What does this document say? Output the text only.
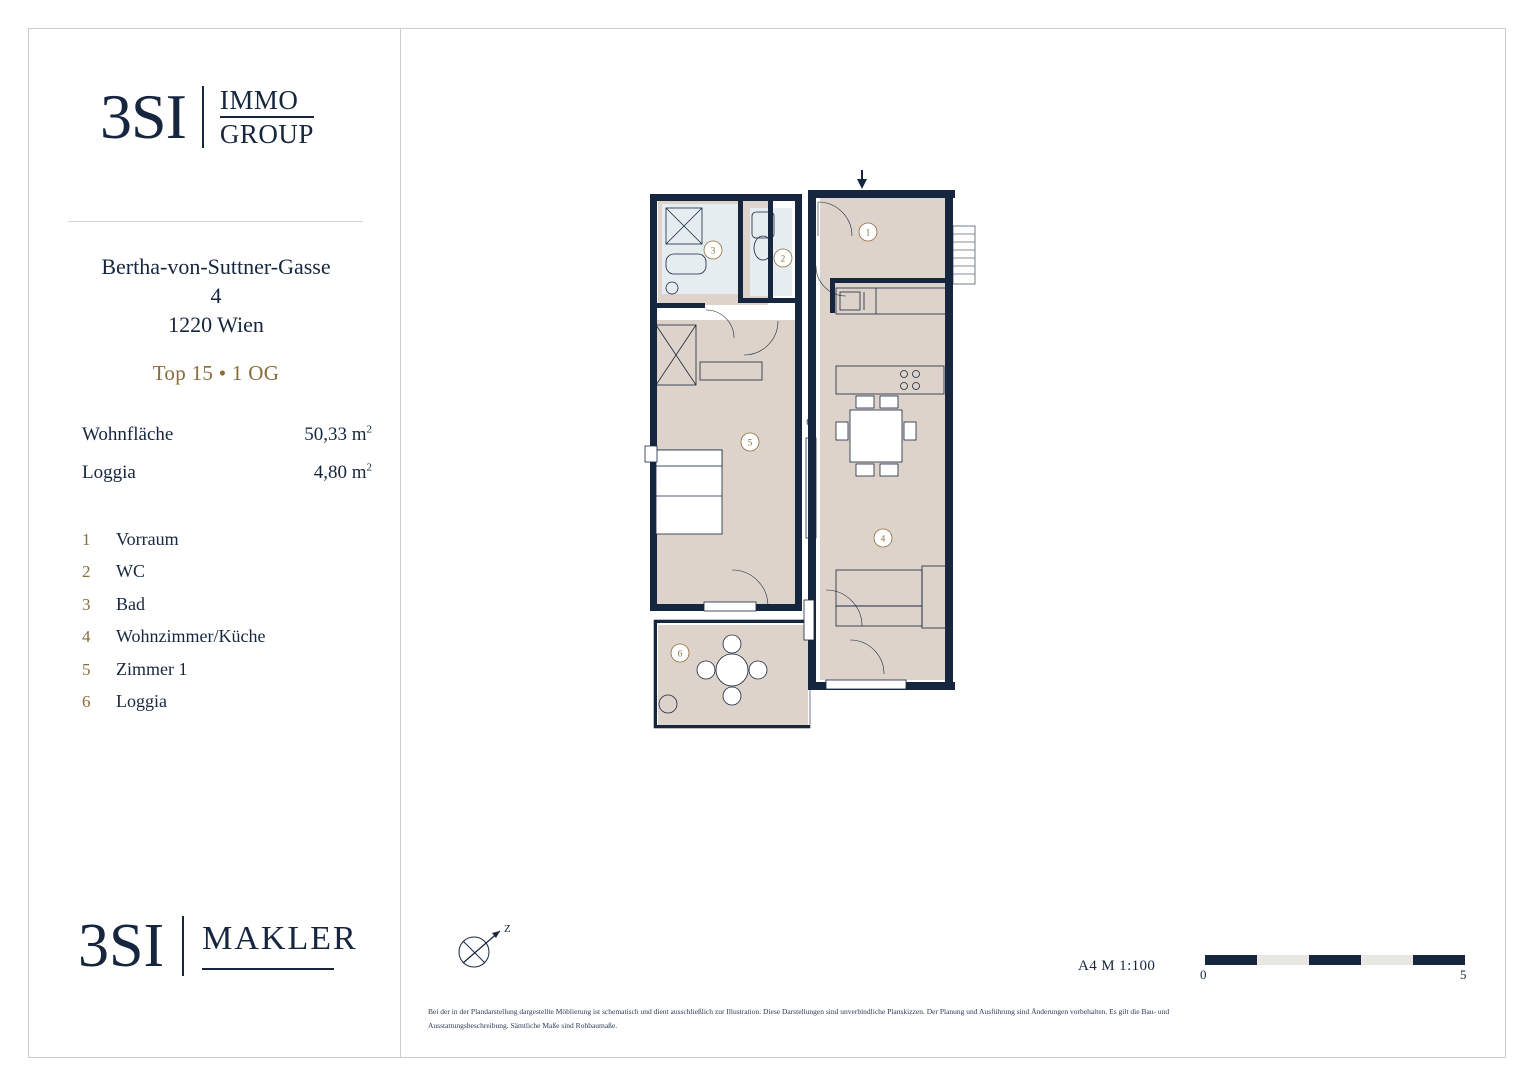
3SI IMMO
GROUP
Bertha-von-Suttner-Gasse
4
1220 Wien
Top 15 • 1 OG
Wohnfläche	50,33 $m^2$
Loggia	4,80 $m^2$
1	Vorraum
2	WC
3	Bad
4	Wohnzimmer/Küche
5	Zimmer 1
6	Loggia
3SI MAKLER	Z
A4 M 1:100
0	5
Bei der in der Plandarstellung dargestellte Möblierung ist schematisch und dient ausschließlich zur Illustration. Diese Darstellungen sind unverbindliche Planskizzen. Der Planung und Ausführung sind Änderungen vorbehalten. Es gilt die Bau- und Ausstattungsbeschreibung. Sämtliche Maße sind Rohbaumaße.
1
2
3
4
5
6
